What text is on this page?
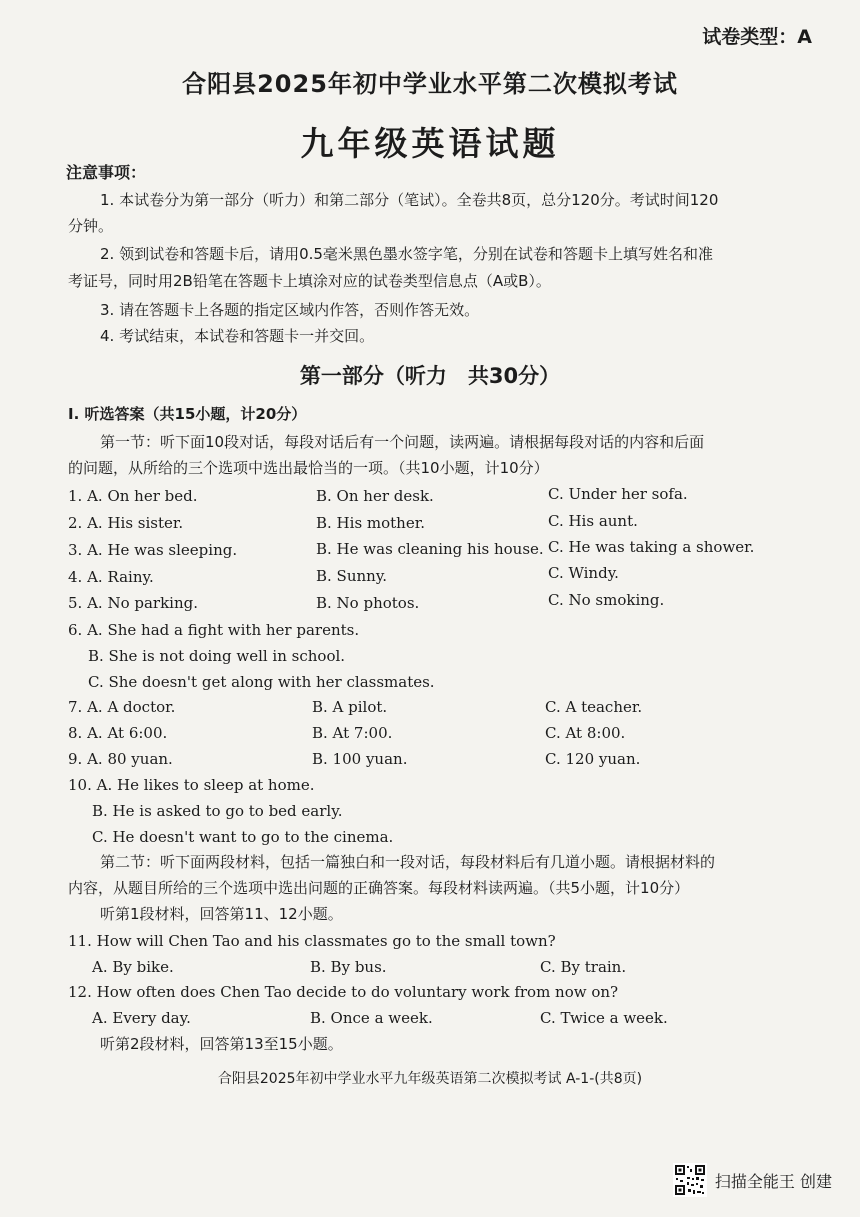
试卷类型：A
合阳县2025年初中学业水平第二次模拟考试
九年级英语试题
注意事项：
1. 本试卷分为第一部分（听力）和第二部分（笔试）。全卷共8页，总分120分。考试时间120
分钟。
2. 领到试卷和答题卡后，请用0.5毫米黑色墨水签字笔，分别在试卷和答题卡上填写姓名和准
考证号，同时用2B铅笔在答题卡上填涂对应的试卷类型信息点（A或B）。
3. 请在答题卡上各题的指定区域内作答，否则作答无效。
4. 考试结束，本试卷和答题卡一并交回。
第一部分（听力　共30分）
Ⅰ. 听选答案（共15小题，计20分）
第一节：听下面10段对话，每段对话后有一个问题，读两遍。请根据每段对话的内容和后面
的问题，从所给的三个选项中选出最恰当的一项。（共10小题，计10分）
1. A. On her bed.	B. On her desk.	C. Under her sofa.
2. A. His sister.	B. His mother.	C. His aunt.
3. A. He was sleeping.	B. He was cleaning his house. C. He was taking a shower.
4. A. Rainy.	B. Sunny.	C. Windy.
5. A. No parking.	B. No photos.	C. No smoking.
6. A. She had a fight with her parents.
B. She is not doing well in school.
C. She doesn't get along with her classmates.
7. A. A doctor.	B. A pilot.	C. A teacher.
8. A. At 6:00.	B. At 7:00.	C. At 8:00.
9. A. 80 yuan.	B. 100 yuan.	C. 120 yuan.
10. A. He likes to sleep at home.
B. He is asked to go to bed early.
C. He doesn't want to go to the cinema.
第二节：听下面两段材料，包括一篇独白和一段对话，每段材料后有几道小题。请根据材料的
内容，从题目所给的三个选项中选出问题的正确答案。每段材料读两遍。（共5小题，计10分）
听第1段材料，回答第11、12小题。
11. How will Chen Tao and his classmates go to the small town?
A. By bike.	B. By bus.	C. By train.
12. How often does Chen Tao decide to do voluntary work from now on?
A. Every day.	B. Once a week.	C. Twice a week.
听第2段材料，回答第13至15小题。
合阳县2025年初中学业水平九年级英语第二次模拟考试 A-1-(共8页)
扫描全能王 创建
